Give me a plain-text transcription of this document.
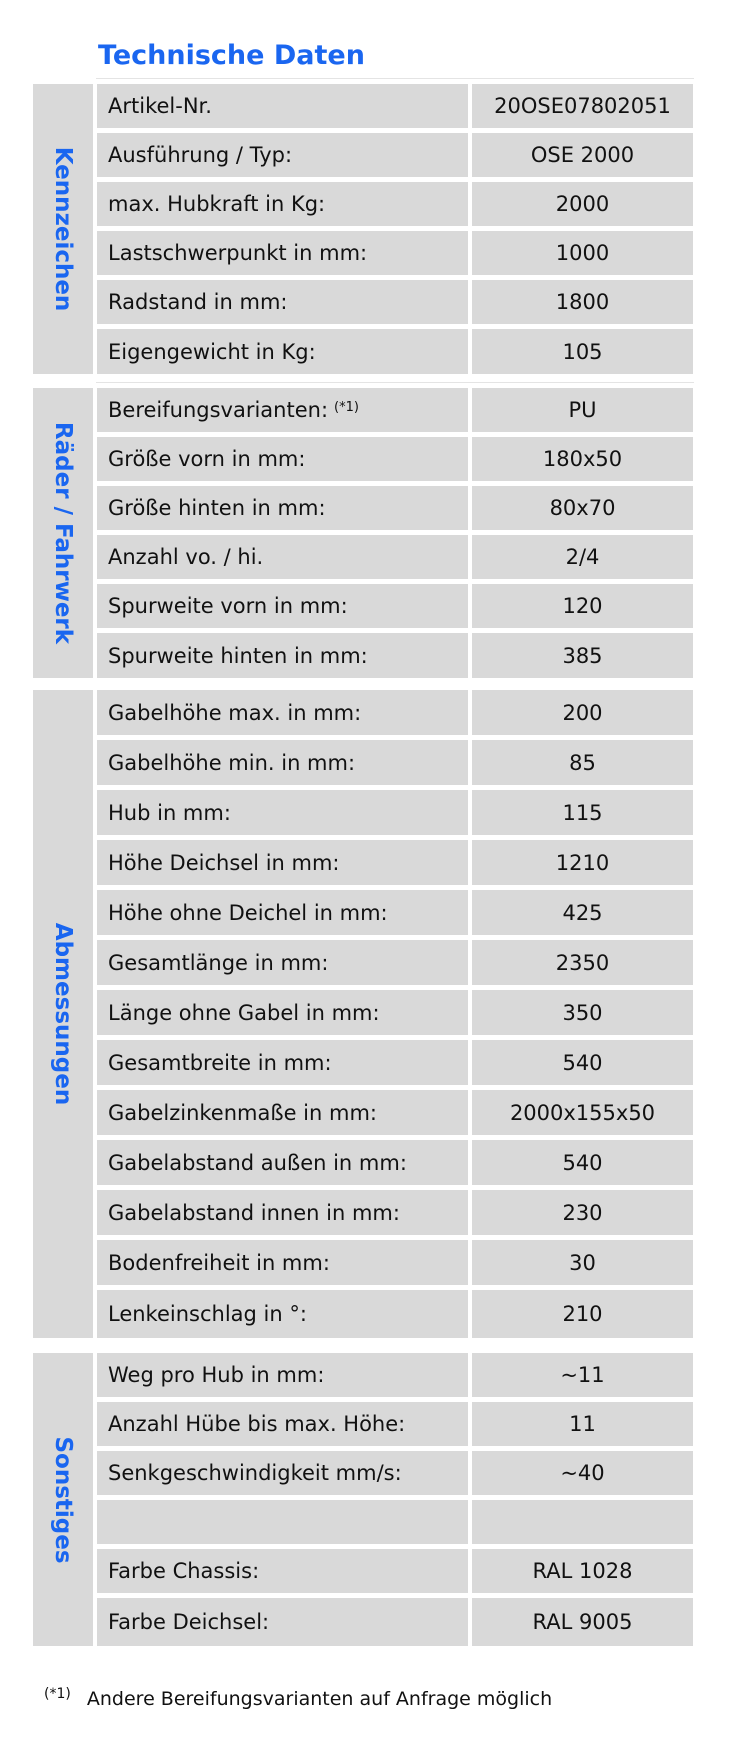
Technische Daten
Kennzeichen
Artikel-Nr.	20OSE07802051
Ausführung / Typ:	OSE 2000
max. Hubkraft in Kg:	2000
Lastschwerpunkt in mm:	1000
Radstand in mm:	1800
Eigengewicht in Kg:	105
Räder / Fahrwerk
Bereifungsvarianten: (*1)	PU
Größe vorn in mm:	180x50
Größe hinten in mm:	80x70
Anzahl vo. / hi.	2/4
Spurweite vorn in mm:	120
Spurweite hinten in mm:	385
Abmessungen
Gabelhöhe max. in mm:	200
Gabelhöhe min. in mm:	85
Hub in mm:	115
Höhe Deichsel in mm:	1210
Höhe ohne Deichel in mm:	425
Gesamtlänge in mm:	2350
Länge ohne Gabel in mm:	350
Gesamtbreite in mm:	540
Gabelzinkenmaße in mm:	2000x155x50
Gabelabstand außen in mm:	540
Gabelabstand innen in mm:	230
Bodenfreiheit in mm:	30
Lenkeinschlag in °:	210
Sonstiges
Weg pro Hub in mm:	~11
Anzahl Hübe bis max. Höhe:	11
Senkgeschwindigkeit mm/s:	~40
Farbe Chassis:	RAL 1028
Farbe Deichsel:	RAL 9005
$^{(*1)}$ Andere Bereifungsvarianten auf Anfrage möglich
